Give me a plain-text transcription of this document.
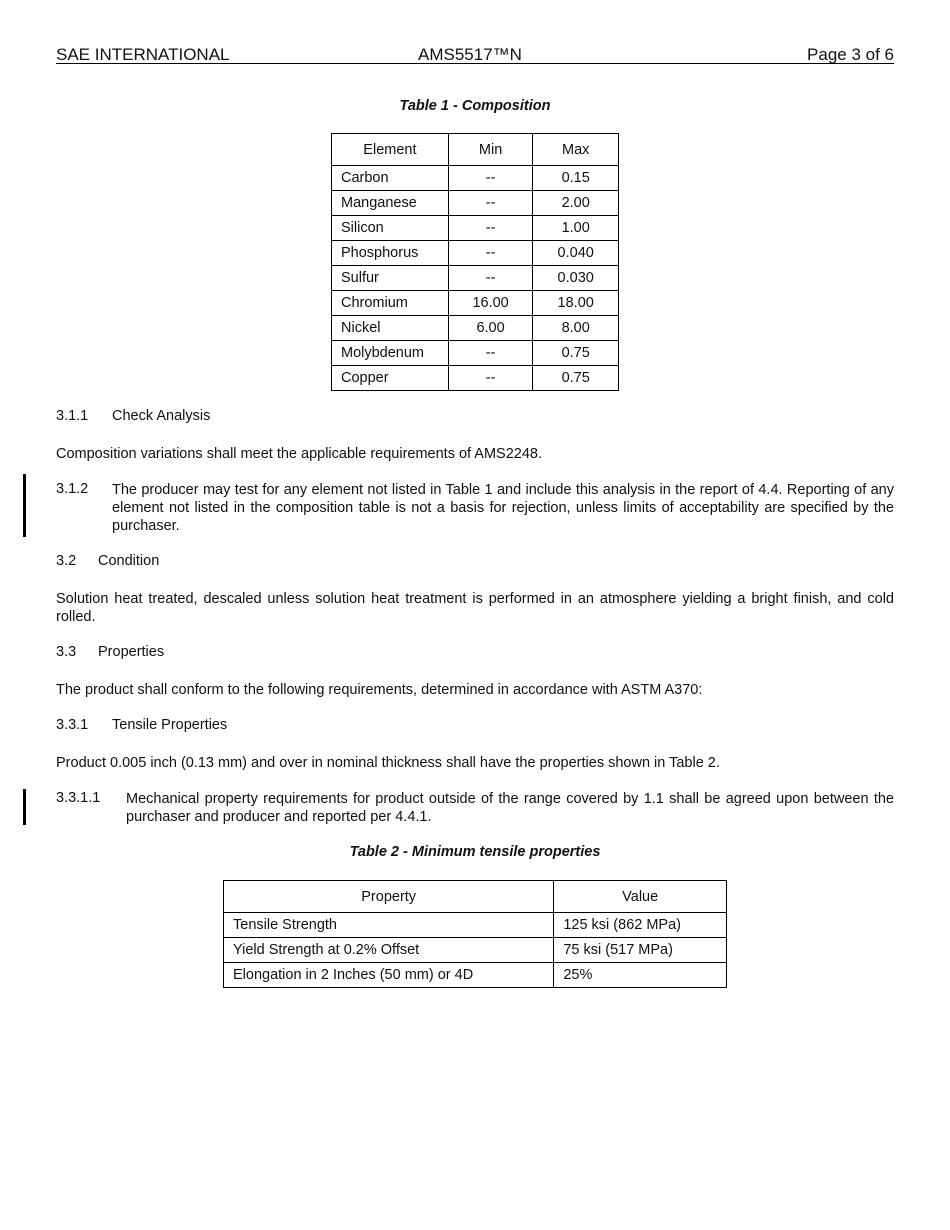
SAE INTERNATIONAL	AMS5517™N	Page 3 of 6
Table 1 - Composition
Element	Min	Max
Carbon	--	0.15
Manganese	--	2.00
Silicon	--	1.00
Phosphorus	--	0.040
Sulfur	--	0.030
Chromium	16.00	18.00
Nickel	6.00	8.00
Molybdenum	--	0.75
Copper	--	0.75
3.1.1 Check Analysis
Composition variations shall meet the applicable requirements of AMS2248.
3.1.2 The producer may test for any element not listed in Table 1 and include this analysis in the report of 4.4. Reporting of any element not listed in the composition table is not a basis for rejection, unless limits of acceptability are specified by the purchaser.
3.2 Condition
Solution heat treated, descaled unless solution heat treatment is performed in an atmosphere yielding a bright finish, and cold rolled.
3.3 Properties
The product shall conform to the following requirements, determined in accordance with ASTM A370:
3.3.1 Tensile Properties
Product 0.005 inch (0.13 mm) and over in nominal thickness shall have the properties shown in Table 2.
3.3.1.1 Mechanical property requirements for product outside of the range covered by 1.1 shall be agreed upon between the purchaser and producer and reported per 4.4.1.
Table 2 - Minimum tensile properties
Property	Value
Tensile Strength	125 ksi (862 MPa)
Yield Strength at 0.2% Offset	75 ksi (517 MPa)
Elongation in 2 Inches (50 mm) or 4D	25%
